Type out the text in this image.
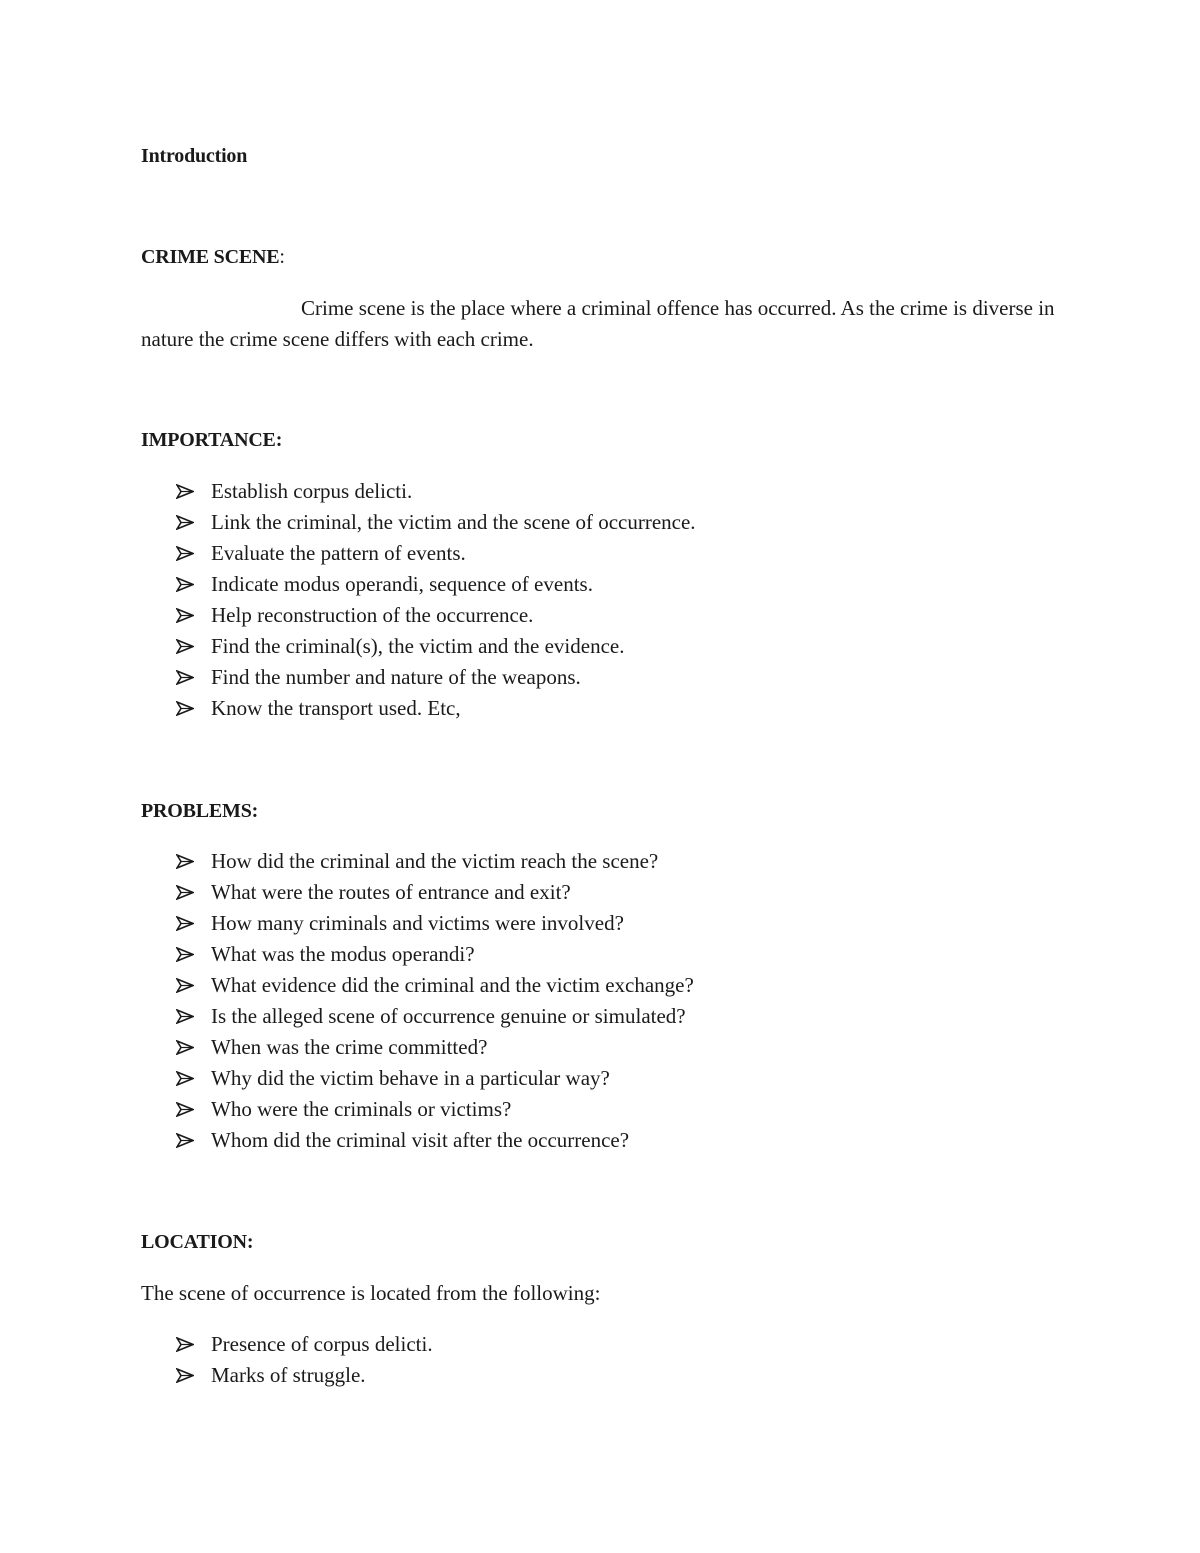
Introduction

CRIME SCENE:

Crime scene is the place where a criminal offence has occurred. As the crime is diverse in nature the crime scene differs with each crime.

IMPORTANCE:

Establish corpus delicti.
Link the criminal, the victim and the scene of occurrence.
Evaluate the pattern of events.
Indicate modus operandi, sequence of events.
Help reconstruction of the occurrence.
Find the criminal(s), the victim and the evidence.
Find the number and nature of the weapons.
Know the transport used. Etc,

PROBLEMS:

How did the criminal and the victim reach the scene?
What were the routes of entrance and exit?
How many criminals and victims were involved?
What was the modus operandi?
What evidence did the criminal and the victim exchange?
Is the alleged scene of occurrence genuine or simulated?
When was the crime committed?
Why did the victim behave in a particular way?
Who were the criminals or victims?
Whom did the criminal visit after the occurrence?

LOCATION:

The scene of occurrence is located from the following:

Presence of corpus delicti.
Marks of struggle.
